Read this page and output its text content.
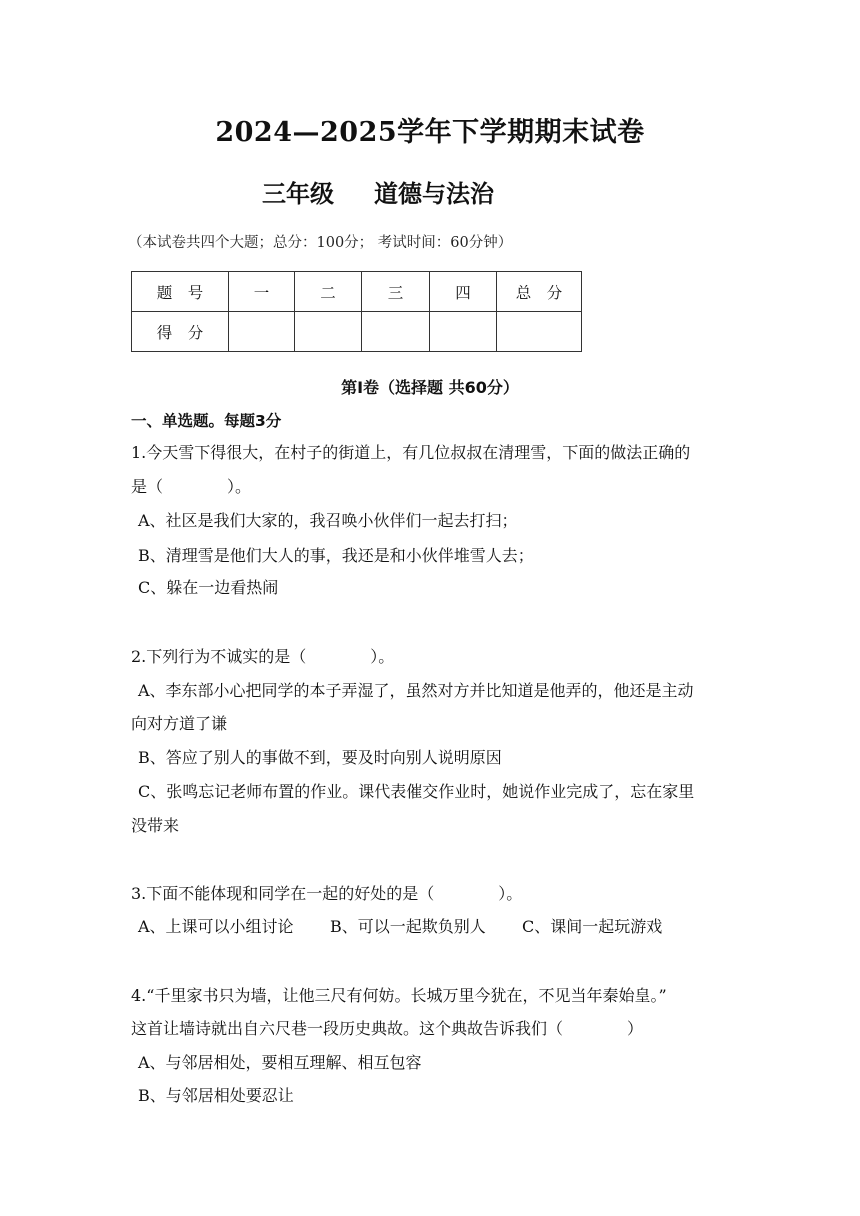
2024—2025学年下学期期末试卷
三年级 道德与法治
（本试卷共四个大题；总分：100分； 考试时间：60分钟）
题　号	一	二	三	四	总　分
得　分					
第Ⅰ卷（选择题 共60分）
一、单选题。每题3分
1.今天雪下得很大，在村子的街道上，有几位叔叔在清理雪，下面的做法正确的
是（　　　　）。
A、社区是我们大家的，我召唤小伙伴们一起去打扫；
B、清理雪是他们大人的事，我还是和小伙伴堆雪人去；
C、躲在一边看热闹
2.下列行为不诚实的是（　　　　）。
A、李东部小心把同学的本子弄湿了，虽然对方并比知道是他弄的，他还是主动
向对方道了谦
B、答应了别人的事做不到，要及时向别人说明原因
C、张鸣忘记老师布置的作业。课代表催交作业时，她说作业完成了，忘在家里
没带来
3.下面不能体现和同学在一起的好处的是（　　　　）。
A、上课可以小组讨论 B、可以一起欺负别人 C、课间一起玩游戏
4.“千里家书只为墙，让他三尺有何妨。长城万里今犹在，不见当年秦始皇。”
这首让墙诗就出自六尺巷一段历史典故。这个典故告诉我们（　　　　）
A、与邻居相处，要相互理解、相互包容
B、与邻居相处要忍让
